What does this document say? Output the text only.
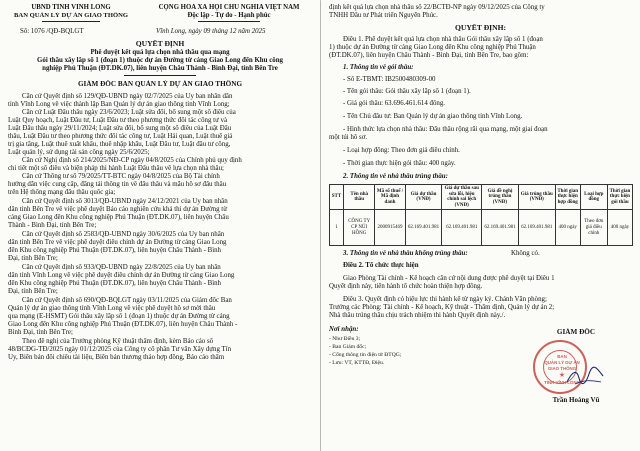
UBND TỈNH VĨNH LONG
BAN QUẢN LÝ DỰ ÁN GIAO THÔNG
CỘNG HÒA XÃ HỘI CHỦ NGHĨA VIỆT NAM
Độc lập - Tự do - Hạnh phúc
Số: 1076 /QĐ-BQLGT	Vĩnh Long, ngày 09 tháng 12 năm 2025
QUYẾT ĐỊNH
Phê duyệt kết quả lựa chọn nhà thầu qua mạng
Gói thầu xây lắp số 1 (đoạn 1) thuộc dự án Đường từ cảng Giao Long đến Khu công
nghiệp Phú Thuận (ĐT.DK.07), liên huyện Châu Thành - Bình Đại, tỉnh Bến Tre
GIÁM ĐỐC BAN QUẢN LÝ DỰ ÁN GIAO THÔNG
Căn cứ Quyết định số 129/QĐ-UBND ngày 02/7/2025 của Ủy ban nhân dân
tỉnh Vĩnh Long về việc thành lập Ban Quản lý dự án giao thông tỉnh Vĩnh Long;
Căn cứ Luật Đấu thầu ngày 23/6/2023; Luật sửa đổi, bổ sung một số điều của
Luật Quy hoạch, Luật Đầu tư, Luật Đầu tư theo phương thức đối tác công tư và
Luật Đấu thầu ngày 29/11/2024; Luật sửa đổi, bổ sung một số điều của Luật Đấu
thầu, Luật Đầu tư theo phương thức đối tác công tư, Luật Hải quan, Luật thuế giá
trị gia tăng, Luật thuế xuất khẩu, thuế nhập khẩu, Luật Đầu tư, Luật đầu tư công,
Luật quản lý, sử dụng tài sản công ngày 25/6/2025;
Căn cứ Nghị định số 214/2025/NĐ-CP ngày 04/8/2025 của Chính phủ quy định
chi tiết một số điều và biện pháp thi hành Luật Đấu thầu về lựa chọn nhà thầu;
Căn cứ Thông tư số 79/2025/TT-BTC ngày 04/8/2025 của Bộ Tài chính
hướng dẫn việc cung cấp, đăng tải thông tin về đấu thầu và mẫu hồ sơ đấu thầu
trên Hệ thống mạng đấu thầu quốc gia;
Căn cứ Quyết định số 3013/QĐ-UBND ngày 24/12/2021 của Ủy ban nhân
dân tỉnh Bến Tre về việc phê duyệt Báo cáo nghiên cứu khả thi dự án Đường từ
cảng Giao Long đến Khu công nghiệp Phú Thuận (ĐT.DK.07), liên huyện Châu
Thành - Bình Đại, tỉnh Bến Tre;
Căn cứ Quyết định số 2583/QĐ-UBND ngày 30/6/2025 của Ủy ban nhân
dân tỉnh Bến Tre về việc phê duyệt điều chỉnh dự án Đường từ cảng Giao Long
đến Khu công nghiệp Phú Thuận (ĐT.DK.07), liên huyện Châu Thành - Bình
Đại, tỉnh Bến Tre;
Căn cứ Quyết định số 933/QĐ-UBND ngày 22/8/2025 của Ủy ban nhân
dân tỉnh Vĩnh Long về việc phê duyệt điều chỉnh dự án Đường từ cảng Giao Long
đến Khu công nghiệp Phú Thuận (ĐT.DK.07), liên huyện Châu Thành - Bình
Đại, tỉnh Bến Tre;
Căn cứ Quyết định số 690/QĐ-BQLGT ngày 03/11/2025 của Giám đốc Ban
Quản lý dự án giao thông tỉnh Vĩnh Long về việc phê duyệt hồ sơ mời thầu
qua mạng (E-HSMT) Gói thầu xây lắp số 1 (đoạn 1) thuộc dự án Đường từ cảng
Giao Long đến Khu công nghiệp Phú Thuận (ĐT.DK.07), liên huyện Châu Thành -
Bình Đại, tỉnh Bến Tre;
Theo đề nghị của Trưởng phòng Kỹ thuật thẩm định, kèm Báo cáo số
48/BCĐG-TĐ/2025 ngày 01/12/2025 của Công ty cổ phần Tư vấn Xây dựng Tín
Uy, Biên bản đối chiếu tài liệu, Biên bản thương thảo hợp đồng, Báo cáo thẩm
định kết quả lựa chọn nhà thầu số 22/BCTĐ-NP ngày 09/12/2025 của Công ty
TNHH Đầu tư Phát triển Nguyễn Phúc.
QUYẾT ĐỊNH:
Điều 1. Phê duyệt kết quả lựa chọn nhà thầu Gói thầu xây lắp số 1 (đoạn
1) thuộc dự án Đường từ cảng Giao Long đến Khu công nghiệp Phú Thuận
(ĐT.DK.07), liên huyện Châu Thành - Bình Đại, tỉnh Bến Tre, bao gồm:
1. Thông tin về gói thầu:
- Số E-TBMT: IB2500480309-00
- Tên gói thầu: Gói thầu xây lắp số 1 (đoạn 1).
- Giá gói thầu: 63.696.461.614 đồng.
- Tên Chủ đầu tư: Ban Quản lý dự án giao thông tỉnh Vĩnh Long.
- Hình thức lựa chọn nhà thầu: Đấu thầu rộng rãi qua mạng, một giai đoạn
một túi hồ sơ.
- Loại hợp đồng: Theo đơn giá điều chỉnh.
- Thời gian thực hiện gói thầu: 400 ngày.
2. Thông tin về nhà thầu trúng thầu:
STT	Tên nhà thầu	Mã số thuế / Mã định danh	Giá dự thầu (VNĐ)	Giá dự thầu sau sửa lỗi, hiệu chỉnh sai lệch (VNĐ)	Giá đề nghị trúng thầu (VNĐ)	Giá trúng thầu (VNĐ)	Thời gian thực hiện hợp đồng	Loại hợp đồng	Thời gian thực hiện gói thầu
1	CÔNG TY CP NÚI HỒNG	2000915469	62.169.401.981	62.169.401.981	62.169.401.981	62.169.401.981	400 ngày	Theo đơn giá điều chỉnh	400 ngày
3. Thông tin về nhà thầu không trúng thầu:	Không có.
Điều 2. Tổ chức thực hiện
Giao Phòng Tài chính - Kế hoạch căn cứ nội dung được phê duyệt tại Điều 1
Quyết định này, tiến hành tổ chức hoàn thiện hợp đồng.
Điều 3. Quyết định có hiệu lực thi hành kể từ ngày ký. Chánh Văn phòng;
Trưởng các Phòng: Tài chính - Kế hoạch, Kỹ thuật - Thẩm định, Quản lý dự án 2;
Nhà thầu trúng thầu chịu trách nhiệm thi hành Quyết định này./.
Nơi nhận:
- Như Điều 3;
- Ban Giám đốc;
- Cổng thông tin điện tử ĐTQG;
- Lưu: VT, KTTĐ, Điệu.
GIÁM ĐỐC
BAN
QUẢN LÝ DỰ ÁN
GIAO THÔNG
TỈNH VĨNH LONG
★
Trần Hoàng Vũ
